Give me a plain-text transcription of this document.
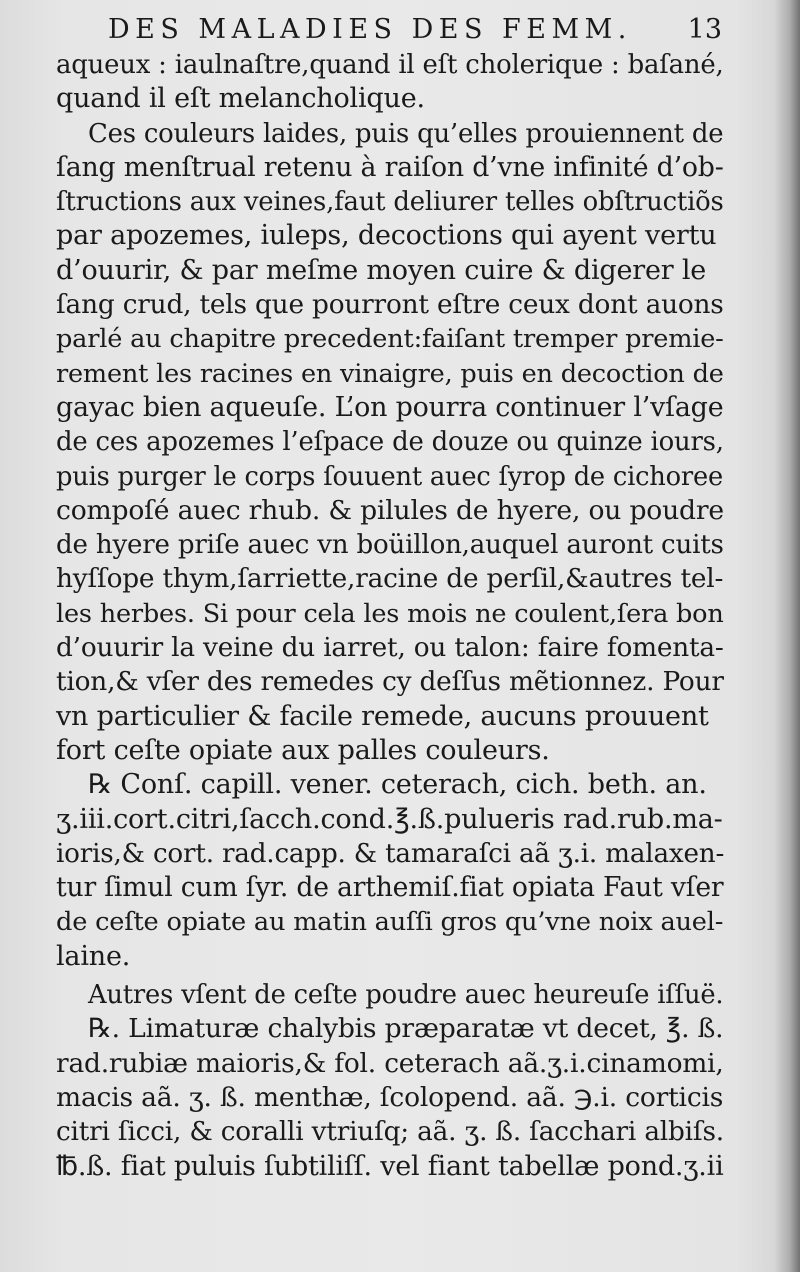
DES MALADIES DES FEMM. 13
aqueux : iaulnaſtre,quand il eſt cholerique : baſané,
quand il eſt melancholique.
Ces couleurs laides, puis qu’elles prouiennent de
ſang menſtrual retenu à raiſon d’vne infinité d’ob-
ſtructions aux veines,faut deliurer telles obſtructiõs
par apozemes, iuleps, decoctions qui ayent vertu
d’ouurir, & par meſme moyen cuire & digerer le
ſang crud, tels que pourront eſtre ceux dont auons
parlé au chapitre precedent:faiſant tremper premie-
rement les racines en vinaigre, puis en decoction de
gayac bien aqueuſe. L’on pourra continuer l’vſage
de ces apozemes l’eſpace de douze ou quinze iours,
puis purger le corps ſouuent auec ſyrop de cichoree
compoſé auec rhub. & pilules de hyere, ou poudre
de hyere priſe auec vn boüillon,auquel auront cuits
hyſſope thym,ſarriette,racine de perſil,&autres tel-
les herbes. Si pour cela les mois ne coulent,ſera bon
d’ouurir la veine du iarret, ou talon: faire fomenta-
tion,& vſer des remedes cy deſſus mẽtionnez. Pour
vn particulier & facile remede, aucuns prouuent
fort ceſte opiate aux palles couleurs.
℞ Conſ. capill. vener. ceterach, cich. beth. an.
ʒ.iii.cort.citri,ſacch.cond.℥.ß.pulueris rad.rub.ma-
ioris,& cort. rad.capp. & tamaraſci aã ʒ.i. malaxen-
tur ſimul cum ſyr. de arthemiſ.fiat opiata Faut vſer
de ceſte opiate au matin auſſi gros qu’vne noix auel-
laine.
Autres vſent de ceſte poudre auec heureuſe iſſuë.
℞. Limaturæ chalybis præparatæ vt decet, ℥. ß.
rad.rubiæ maioris,& fol. ceterach aã.ʒ.i.cinamomi,
macis aã. ʒ. ß. menthæ, ſcolopend. aã. ℈.i. corticis
citri ſicci, & coralli vtriuſq; aã. ʒ. ß. ſacchari albiſs.
℔.ß. fiat puluis ſubtiliſſ. vel fiant tabellæ pond.ʒ.ii
